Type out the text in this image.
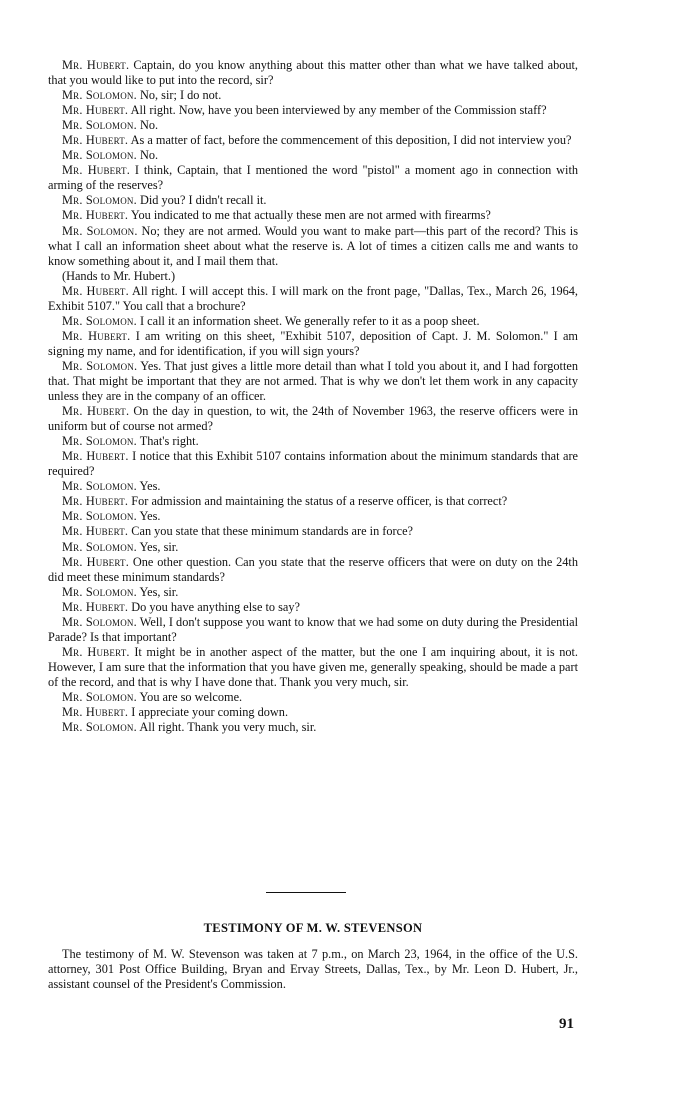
Mr. Hubert. Captain, do you know anything about this matter other than what we have talked about, that you would like to put into the record, sir?

Mr. Solomon. No, sir; I do not.

Mr. Hubert. All right. Now, have you been interviewed by any member of the Commission staff?

Mr. Solomon. No.

Mr. Hubert. As a matter of fact, before the commencement of this deposition, I did not interview you?

Mr. Solomon. No.

Mr. Hubert. I think, Captain, that I mentioned the word "pistol" a moment ago in connection with arming of the reserves?

Mr. Solomon. Did you? I didn't recall it.

Mr. Hubert. You indicated to me that actually these men are not armed with firearms?

Mr. Solomon. No; they are not armed. Would you want to make part—this part of the record? This is what I call an information sheet about what the reserve is. A lot of times a citizen calls me and wants to know something about it, and I mail them that.

(Hands to Mr. Hubert.)

Mr. Hubert. All right. I will accept this. I will mark on the front page, "Dallas, Tex., March 26, 1964, Exhibit 5107." You call that a brochure?

Mr. Solomon. I call it an information sheet. We generally refer to it as a poop sheet.

Mr. Hubert. I am writing on this sheet, "Exhibit 5107, deposition of Capt. J. M. Solomon." I am signing my name, and for identification, if you will sign yours?

Mr. Solomon. Yes. That just gives a little more detail than what I told you about it, and I had forgotten that. That might be important that they are not armed. That is why we don't let them work in any capacity unless they are in the company of an officer.

Mr. Hubert. On the day in question, to wit, the 24th of November 1963, the reserve officers were in uniform but of course not armed?

Mr. Solomon. That's right.

Mr. Hubert. I notice that this Exhibit 5107 contains information about the minimum standards that are required?

Mr. Solomon. Yes.

Mr. Hubert. For admission and maintaining the status of a reserve officer, is that correct?

Mr. Solomon. Yes.

Mr. Hubert. Can you state that these minimum standards are in force?

Mr. Solomon. Yes, sir.

Mr. Hubert. One other question. Can you state that the reserve officers that were on duty on the 24th did meet these minimum standards?

Mr. Solomon. Yes, sir.

Mr. Hubert. Do you have anything else to say?

Mr. Solomon. Well, I don't suppose you want to know that we had some on duty during the Presidential Parade? Is that important?

Mr. Hubert. It might be in another aspect of the matter, but the one I am inquiring about, it is not. However, I am sure that the information that you have given me, generally speaking, should be made a part of the record, and that is why I have done that. Thank you very much, sir.

Mr. Solomon. You are so welcome.

Mr. Hubert. I appreciate your coming down.

Mr. Solomon. All right. Thank you very much, sir.

TESTIMONY OF M. W. STEVENSON

The testimony of M. W. Stevenson was taken at 7 p.m., on March 23, 1964, in the office of the U.S. attorney, 301 Post Office Building, Bryan and Ervay Streets, Dallas, Tex., by Mr. Leon D. Hubert, Jr., assistant counsel of the President's Commission.

91
